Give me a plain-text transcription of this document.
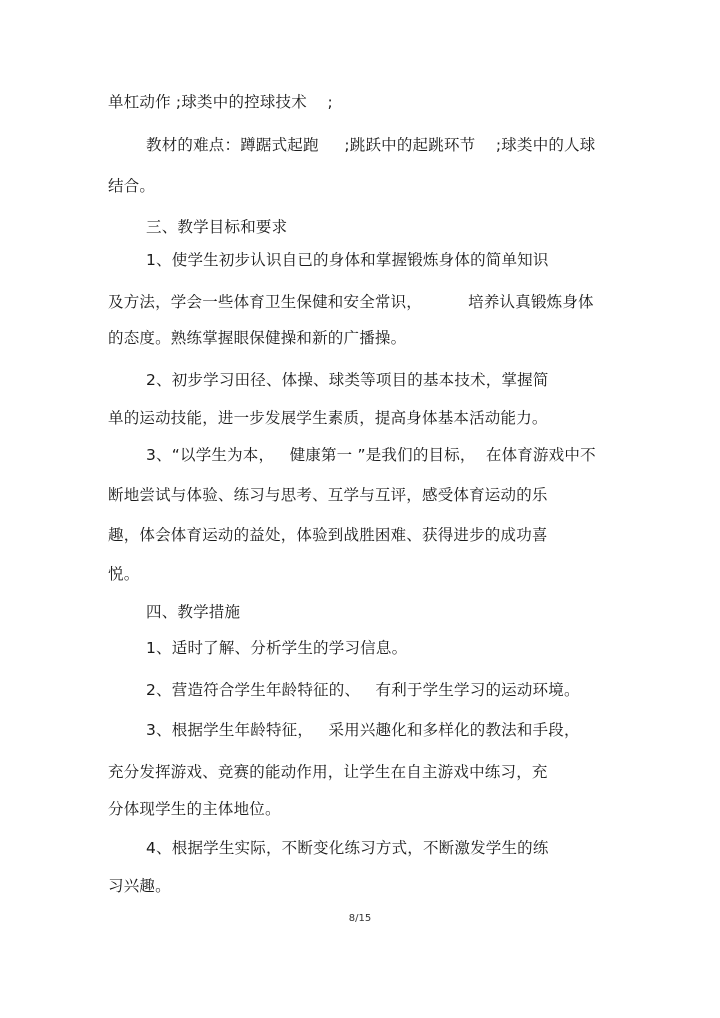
单杠动作 ;球类中的控球技术    ;
教材的难点：蹲踞式起跑     ;跳跃中的起跳环节    ;球类中的人球
结合。
三、教学目标和要求
1、使学生初步认识自已的身体和掌握锻炼身体的简单知识
及方法，学会一些体育卫生保健和安全常识，         培养认真锻炼身体
的态度。熟练掌握眼保健操和新的广播操。
2、初步学习田径、体操、球类等项目的基本技术，掌握简
单的运动技能，进一步发展学生素质，提高身体基本活动能力。
3、“以学生为本，   健康第一 ”是我们的目标，  在体育游戏中不
断地尝试与体验、练习与思考、互学与互评，感受体育运动的乐
趣，体会体育运动的益处，体验到战胜困难、获得进步的成功喜
悦。
四、教学措施
1、适时了解、分析学生的学习信息。
2、营造符合学生年龄特征的、   有利于学生学习的运动环境。
3、根据学生年龄特征，   采用兴趣化和多样化的教法和手段，
充分发挥游戏、竞赛的能动作用，让学生在自主游戏中练习，充
分体现学生的主体地位。
4、根据学生实际，不断变化练习方式，不断激发学生的练
习兴趣。
8/15
